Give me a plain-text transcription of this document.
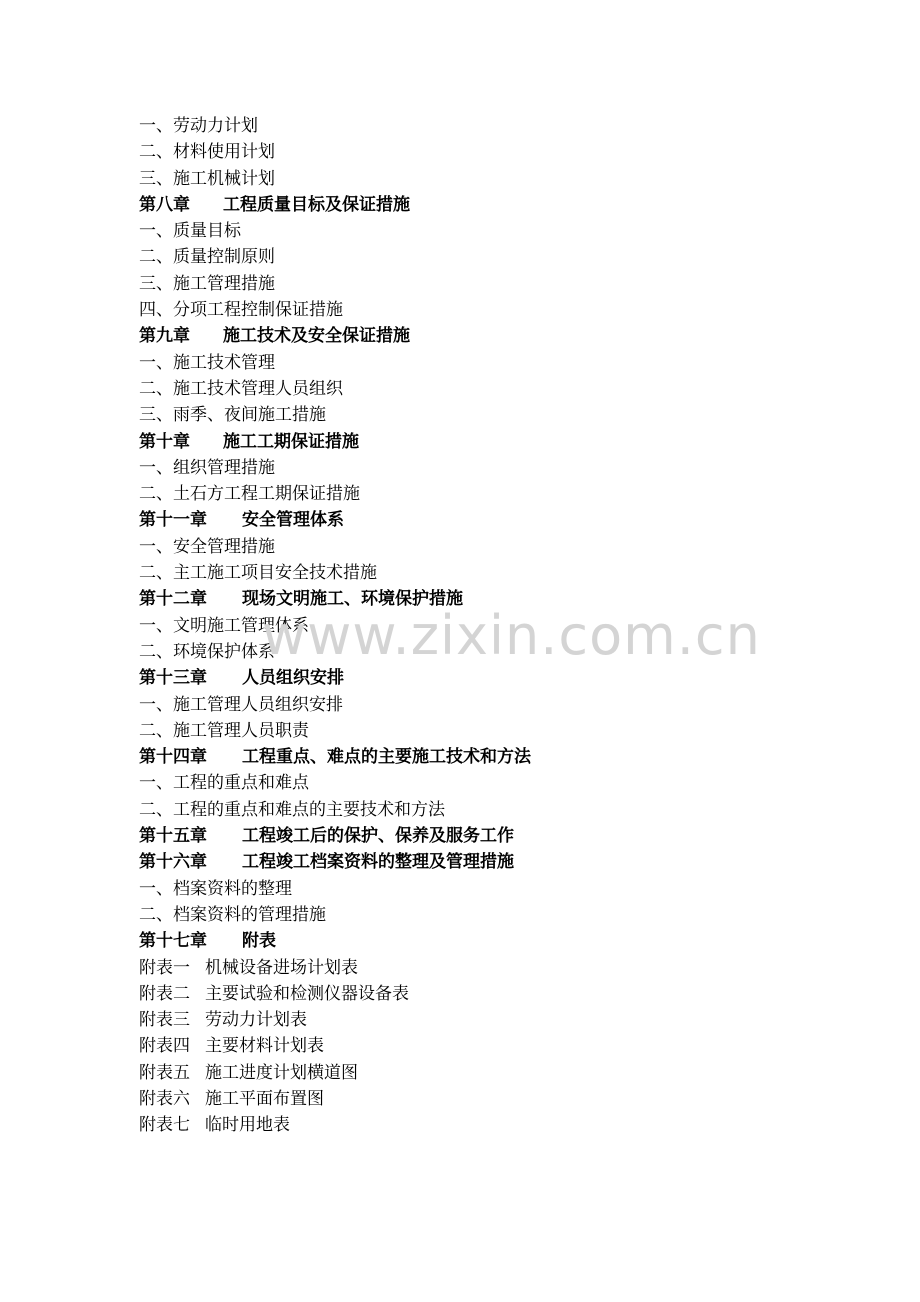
一、劳动力计划
二、材料使用计划
三、施工机械计划
第八章 工程质量目标及保证措施
一、质量目标
二、质量控制原则
三、施工管理措施
四、分项工程控制保证措施
第九章 施工技术及安全保证措施
一、施工技术管理
二、施工技术管理人员组织
三、雨季、夜间施工措施
第十章 施工工期保证措施
一、组织管理措施
二、土石方工程工期保证措施
第十一章 安全管理体系
一、安全管理措施
二、主工施工项目安全技术措施
第十二章 现场文明施工、环境保护措施
一、文明施工管理体系
二、环境保护体系
第十三章 人员组织安排
一、施工管理人员组织安排
二、施工管理人员职责
第十四章 工程重点、难点的主要施工技术和方法
一、工程的重点和难点
二、工程的重点和难点的主要技术和方法
第十五章 工程竣工后的保护、保养及服务工作
第十六章 工程竣工档案资料的整理及管理措施
一、档案资料的整理
二、档案资料的管理措施
第十七章 附表
附表一 机械设备进场计划表
附表二 主要试验和检测仪器设备表
附表三 劳动力计划表
附表四 主要材料计划表
附表五 施工进度计划横道图
附表六 施工平面布置图
附表七 临时用地表
www.zixin.com.cn
